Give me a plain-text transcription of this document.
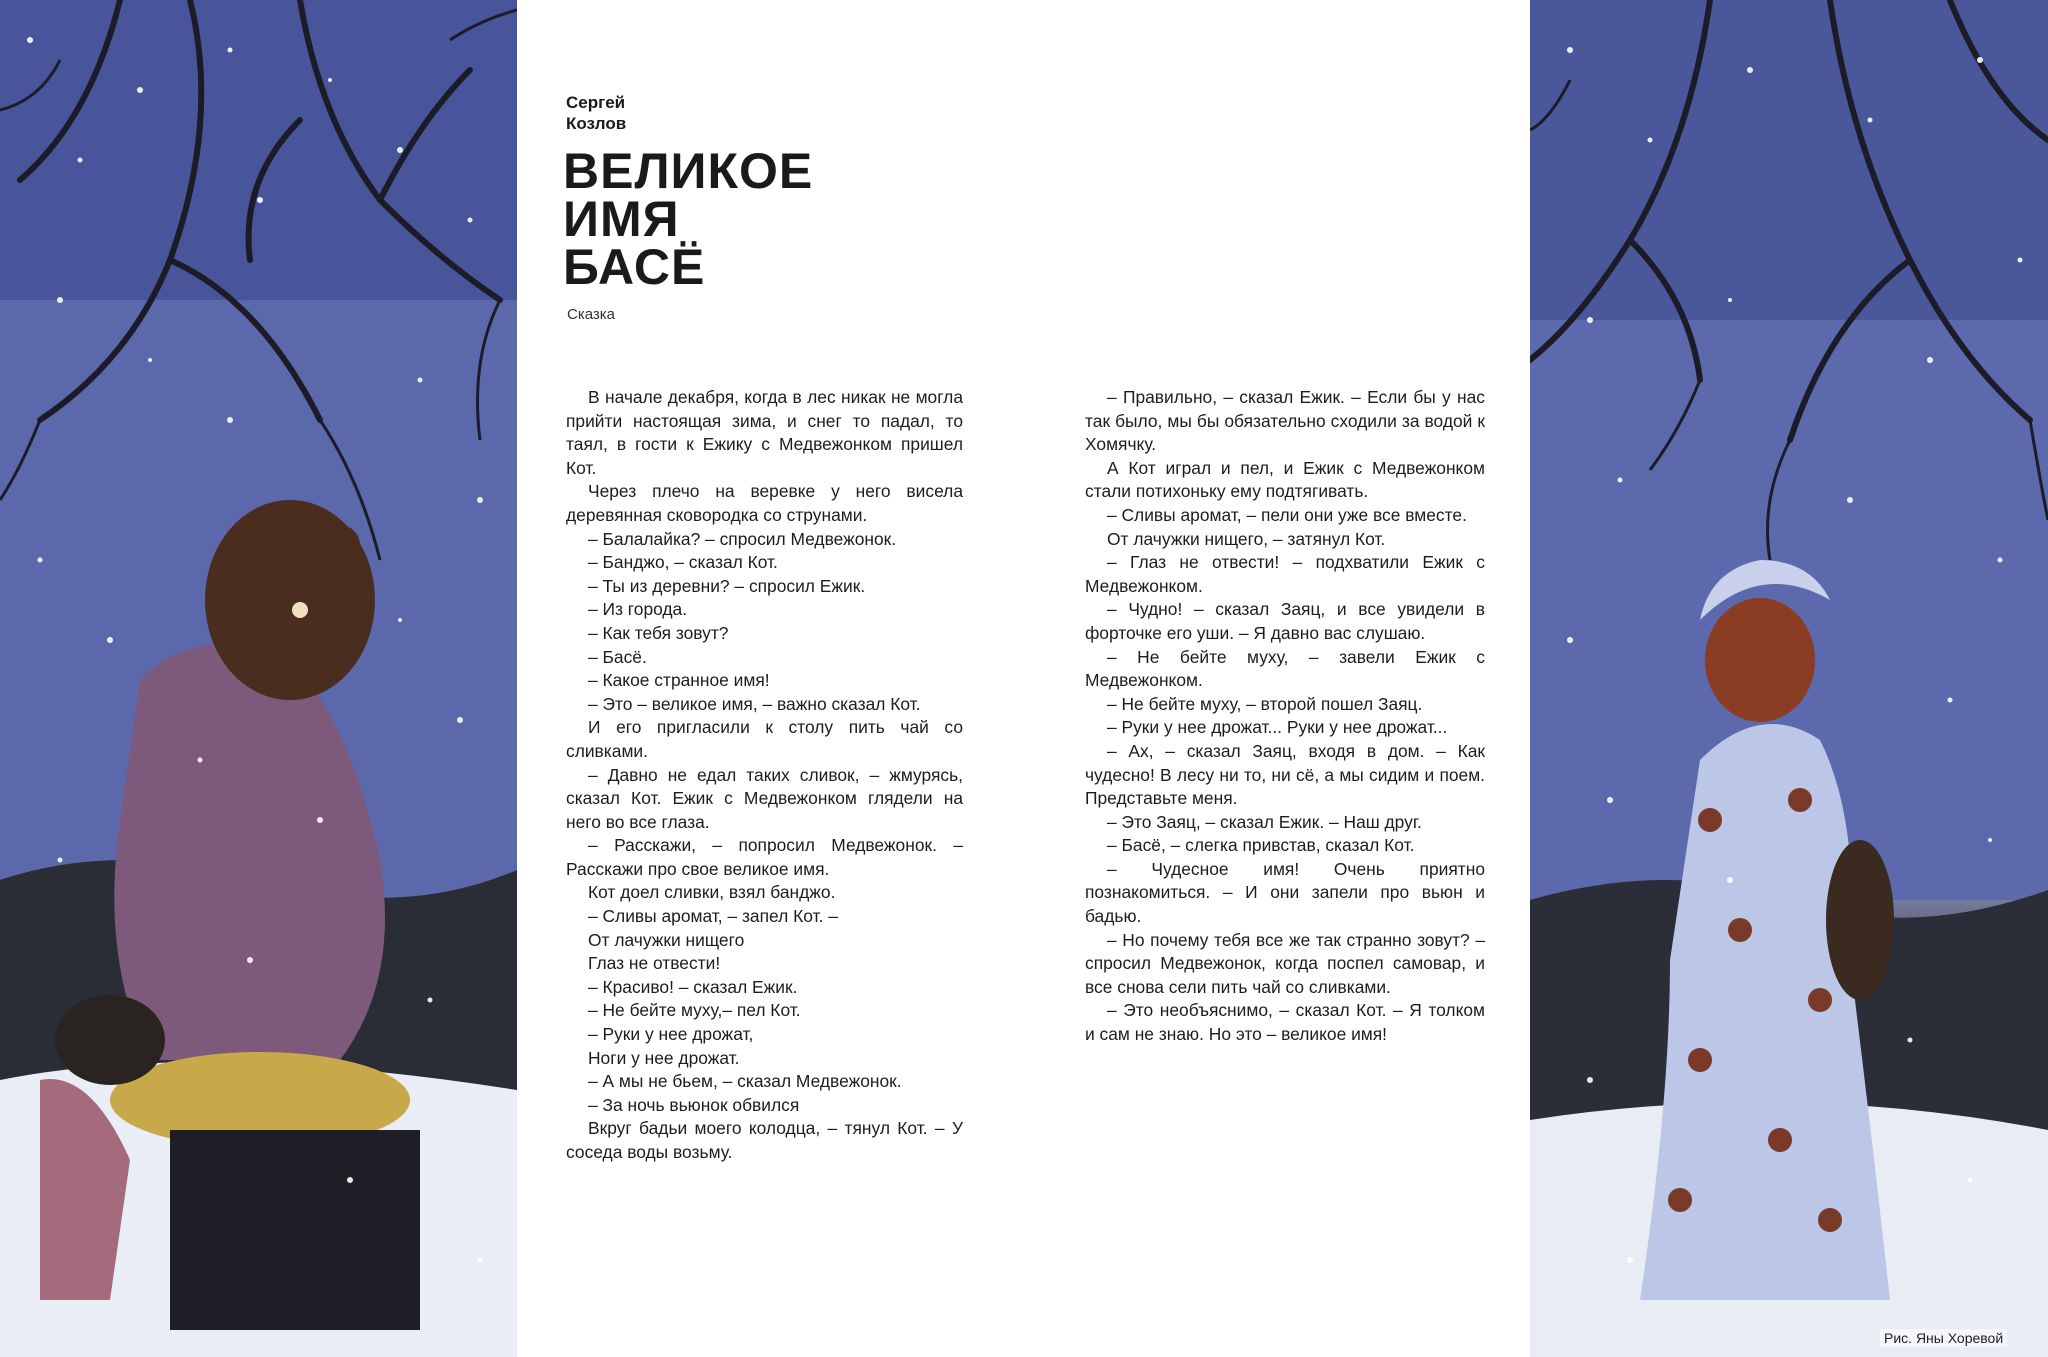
Сергей
Козлов
ВЕЛИКОЕ
ИМЯ
БАСЁ
Сказка

В начале декабря, когда в лес никак не могла прийти настоящая зима, и снег то падал, то таял, в гости к Ежику с Медвежонком пришел Кот.

Через плечо на веревке у него висела деревянная сковородка со струнами.

– Балалайка? – спросил Медвежонок.

– Банджо, – сказал Кот.

– Ты из деревни? – спросил Ежик.

– Из города.

– Как тебя зовут?

– Басё.

– Какое странное имя!

– Это – великое имя, – важно сказал Кот.

И его пригласили к столу пить чай со сливками.

– Давно не едал таких сливок, – жмурясь, сказал Кот. Ежик с Медвежонком глядели на него во все глаза.

– Расскажи, – попросил Медвежонок. – Расскажи про свое великое имя.

Кот доел сливки, взял банджо.

– Сливы аромат, – запел Кот. –

От лачужки нищего

Глаз не отвести!

– Красиво! – сказал Ежик.

– Не бейте муху,– пел Кот.

– Руки у нее дрожат,

Ноги у нее дрожат.

– А мы не бьем, – сказал Медвежонок.

– За ночь вьюнок обвился

Вкруг бадьи моего колодца, – тянул Кот. – У соседа воды возьму.

– Правильно, – сказал Ежик. – Если бы у нас так было, мы бы обязательно сходили за водой к Хомячку.

А Кот играл и пел, и Ежик с Медвежонком стали потихоньку ему подтягивать.

– Сливы аромат, – пели они уже все вместе.

От лачужки нищего, – затянул Кот.

– Глаз не отвести! – подхватили Ежик с Медвежонком.

– Чудно! – сказал Заяц, и все увидели в форточке его уши. – Я давно вас слушаю.

– Не бейте муху, – завели Ежик с Медвежонком.

– Не бейте муху, – второй пошел Заяц.

– Руки у нее дрожат... Руки у нее дрожат...

– Ах, – сказал Заяц, входя в дом. – Как чудесно! В лесу ни то, ни сё, а мы сидим и поем. Представьте меня.

– Это Заяц, – сказал Ежик. – Наш друг.

– Басё, – слегка привстав, сказал Кот.

– Чудесное имя! Очень приятно познакомиться. – И они запели про вьюн и бадью.

– Но почему тебя все же так странно зовут? – спросил Медвежонок, когда поспел самовар, и все снова сели пить чай со сливками.

– Это необъяснимо, – сказал Кот. – Я толком и сам не знаю. Но это – великое имя!

Рис. Яны Хоревой
